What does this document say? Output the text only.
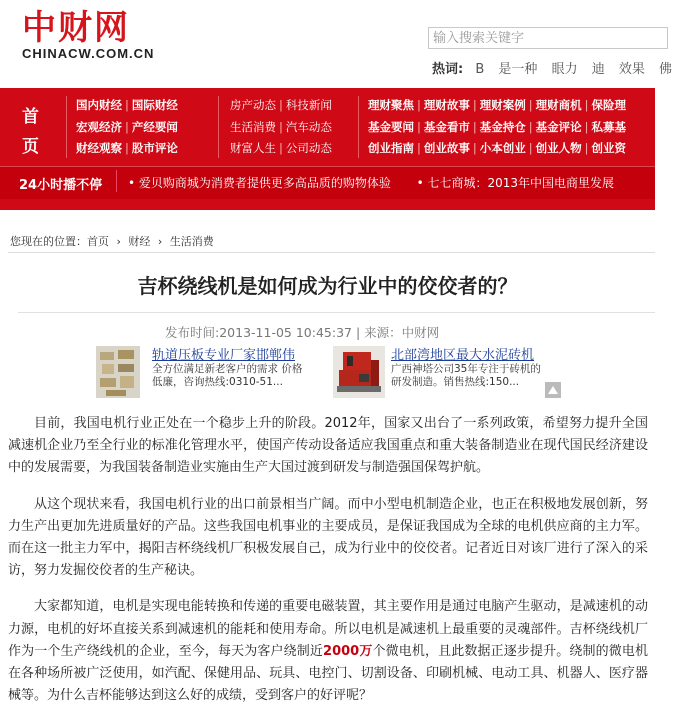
中财网
CHINACW.COM.CN
输入搜索关键字
热词: B 是一种 眼力 迪 效果 佛
首
页
国内财经 | 国际财经
宏观经济 | 产经要闻
财经观察 | 股市评论
房产动态 | 科技新闻
生活消费 | 汽车动态
财富人生 | 公司动态
理财聚焦 | 理财故事 | 理财案例 | 理财商机 | 保险理
基金要闻 | 基金看市 | 基金持仓 | 基金评论 | 私募基
创业指南 | 创业故事 | 小本创业 | 创业人物 | 创业资
24小时播不停 • 爱贝购商城为消费者提供更多高品质的购物体验 • 七七商城：2013年中国电商里发展
您现在的位置：首页 › 财经 › 生活消费
吉杯绕线机是如何成为行业中的佼佼者的？
发布时间:2013-11-05 10:45:37 | 来源：中财网
轨道压板专业厂家邯郸伟
全方位满足新老客户的需求 价格低廉，咨询热线:0310-51...
北部湾地区最大水泥砖机
广西神塔公司35年专注于砖机的研发制造。销售热线:150...

目前，我国电机行业正处在一个稳步上升的阶段。2012年，国家又出台了一系列政策，希望努力提升全国减速机企业乃至全行业的标准化管理水平，使国产传动设备适应我国重点和重大装备制造业在现代国民经济建设中的发展需要，为我国装备制造业实施由生产大国过渡到研发与制造强国保驾护航。

从这个现状来看，我国电机行业的出口前景相当广阔。而中小型电机制造企业，也正在积极地发展创新，努力生产出更加先进质量好的产品。这些我国电机事业的主要成员，是保证我国成为全球的电机供应商的主力军。而在这一批主力军中，揭阳吉杯绕线机厂积极发展自己，成为行业中的佼佼者。记者近日对该厂进行了深入的采访，努力发掘佼佼者的生产秘诀。

大家都知道，电机是实现电能转换和传递的重要电磁装置，其主要作用是通过电脑产生驱动，是减速机的动力源，电机的好坏直接关系到减速机的能耗和使用寿命。所以电机是减速机上最重要的灵魂部件。吉杯绕线机厂作为一个生产绕线机的企业，至今，每天为客户绕制近2000万个微电机，且此数据正逐步提升。绕制的微电机在各种场所被广泛使用，如汽配、保健用品、玩具、电控门、切割设备、印刷机械、电动工具、机器人、医疗器械等。为什么吉杯能够达到这么好的成绩，受到客户的好评呢？
